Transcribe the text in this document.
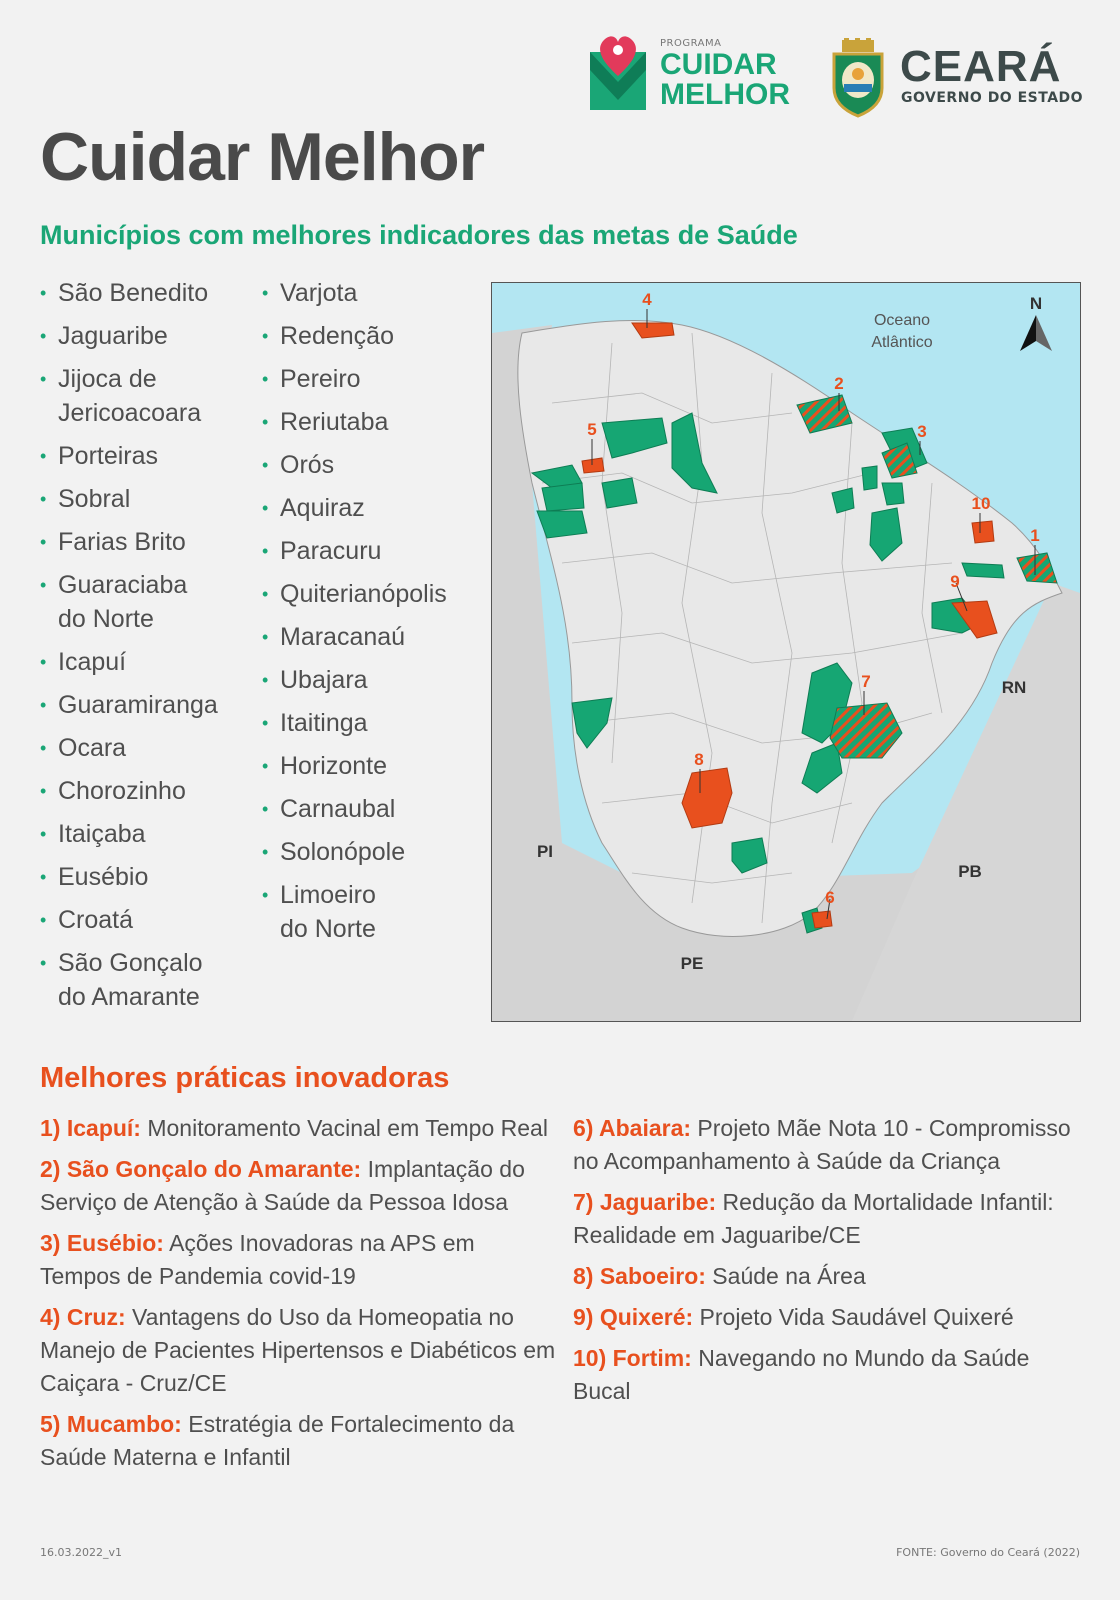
PROGRAMA
CUIDAR
MELHOR
CEARÁ
GOVERNO DO ESTADO
Cuidar Melhor
Municípios com melhores indicadores das metas de Saúde
• São Benedito
• Jaguaribe
• Jijoca de
Jericoacoara
• Porteiras
• Sobral
• Farias Brito
• Guaraciaba
do Norte
• Icapuí
• Guaramiranga
• Ocara
• Chorozinho
• Itaiçaba
• Eusébio
• Croatá
• São Gonçalo
do Amarante
• Varjota
• Redenção
• Pereiro
• Reriutaba
• Orós
• Aquiraz
• Paracuru
• Quiterianópolis
• Maracanaú
• Ubajara
• Itaitinga
• Horizonte
• Carnaubal
• Solonópole
• Limoeiro
do Norte
4
2
3
10
1
9
7
8
5
6
Oceano
Atlântico
RN
PI
PB
PE
N
Melhores práticas inovadoras

1) Icapuí: Monitoramento Vacinal em Tempo Real

2) São Gonçalo do Amarante: Implantação do Serviço de Atenção à Saúde da Pessoa Idosa

3) Eusébio: Ações Inovadoras na APS em Tempos de Pandemia covid-19

4) Cruz: Vantagens do Uso da Homeopatia no Manejo de Pacientes Hipertensos e Diabéticos em Caiçara - Cruz/CE

5) Mucambo: Estratégia de Fortalecimento da Saúde Materna e Infantil

6) Abaiara: Projeto Mãe Nota 10 - Compromisso no Acompanhamento à Saúde da Criança

7) Jaguaribe: Redução da Mortalidade Infantil: Realidade em Jaguaribe/CE

8) Saboeiro: Saúde na Área

9) Quixeré: Projeto Vida Saudável Quixeré

10) Fortim: Navegando no Mundo da Saúde Bucal

16.03.2022_v1	FONTE: Governo do Ceará (2022)
